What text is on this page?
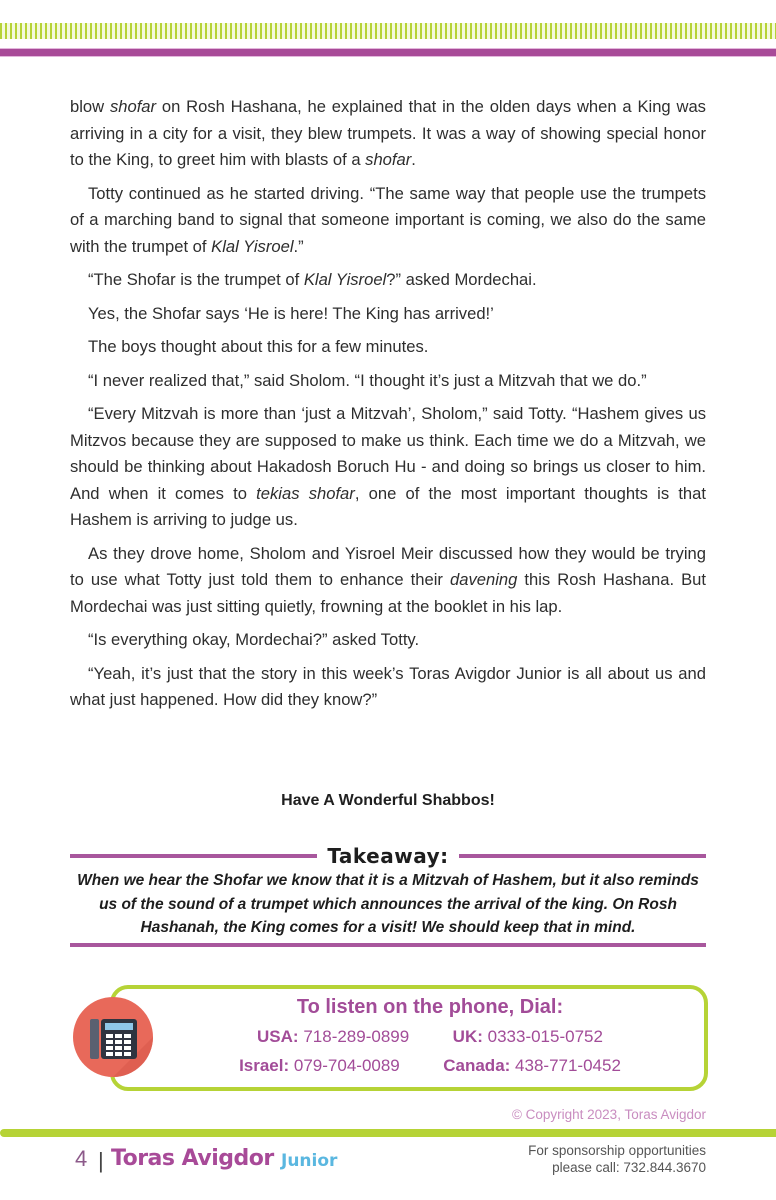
blow shofar on Rosh Hashana, he explained that in the olden days when a King was arriving in a city for a visit, they blew trumpets. It was a way of showing special honor to the King, to greet him with blasts of a shofar.

Totty continued as he started driving. “The same way that people use the trumpets of a marching band to signal that someone important is coming, we also do the same with the trumpet of Klal Yisroel.”

“The Shofar is the trumpet of Klal Yisroel?” asked Mordechai.

Yes, the Shofar says ‘He is here! The King has arrived!’

The boys thought about this for a few minutes.

“I never realized that,” said Sholom. “I thought it’s just a Mitzvah that we do.”

“Every Mitzvah is more than ‘just a Mitzvah’, Sholom,” said Totty. “Hashem gives us Mitzvos because they are supposed to make us think. Each time we do a Mitzvah, we should be thinking about Hakadosh Boruch Hu - and doing so brings us closer to him. And when it comes to tekias shofar, one of the most important thoughts is that Hashem is arriving to judge us.

As they drove home, Sholom and Yisroel Meir discussed how they would be trying to use what Totty just told them to enhance their davening this Rosh Hashana. But Mordechai was just sitting quietly, frowning at the booklet in his lap.

“Is everything okay, Mordechai?” asked Totty.

“Yeah, it’s just that the story in this week’s Toras Avigdor Junior is all about us and what just happened. How did they know?”

Have A Wonderful Shabbos!
Takeaway:
When we hear the Shofar we know that it is a Mitzvah of Hashem, but it also reminds us of the sound of a trumpet which announces the arrival of the king. On Rosh Hashanah, the King comes for a visit! We should keep that in mind.
To listen on the phone, Dial:
USA: 718-289-0899	UK: 0333-015-0752
Israel: 079-704-0089	Canada: 438-771-0452
© Copyright 2023, Toras Avigdor
4 | Toras Avigdor Junior
For sponsorship opportunities
please call: 732.844.3670
